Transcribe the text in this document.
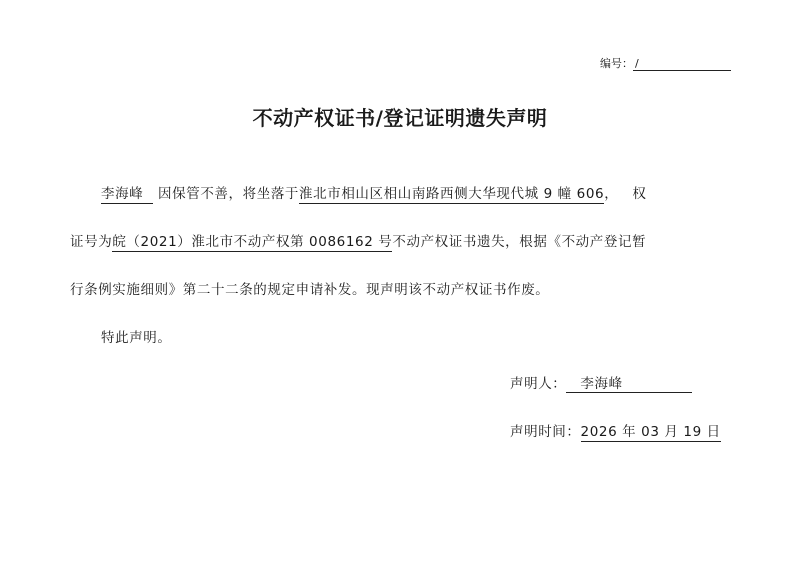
编号： /
不动产权证书/登记证明遗失声明
李海峰 因保管不善，将坐落于淮北市相山区相山南路西侧大华现代城 9 幢 606， 权
证号为皖（2021）淮北市不动产权第 0086162 号不动产权证书遗失，根据《不动产登记暂
行条例实施细则》第二十二条的规定申请补发。现声明该不动产权证书作废。
特此声明。
声明人： 李海峰
声明时间：2026 年 03 月 19 日
